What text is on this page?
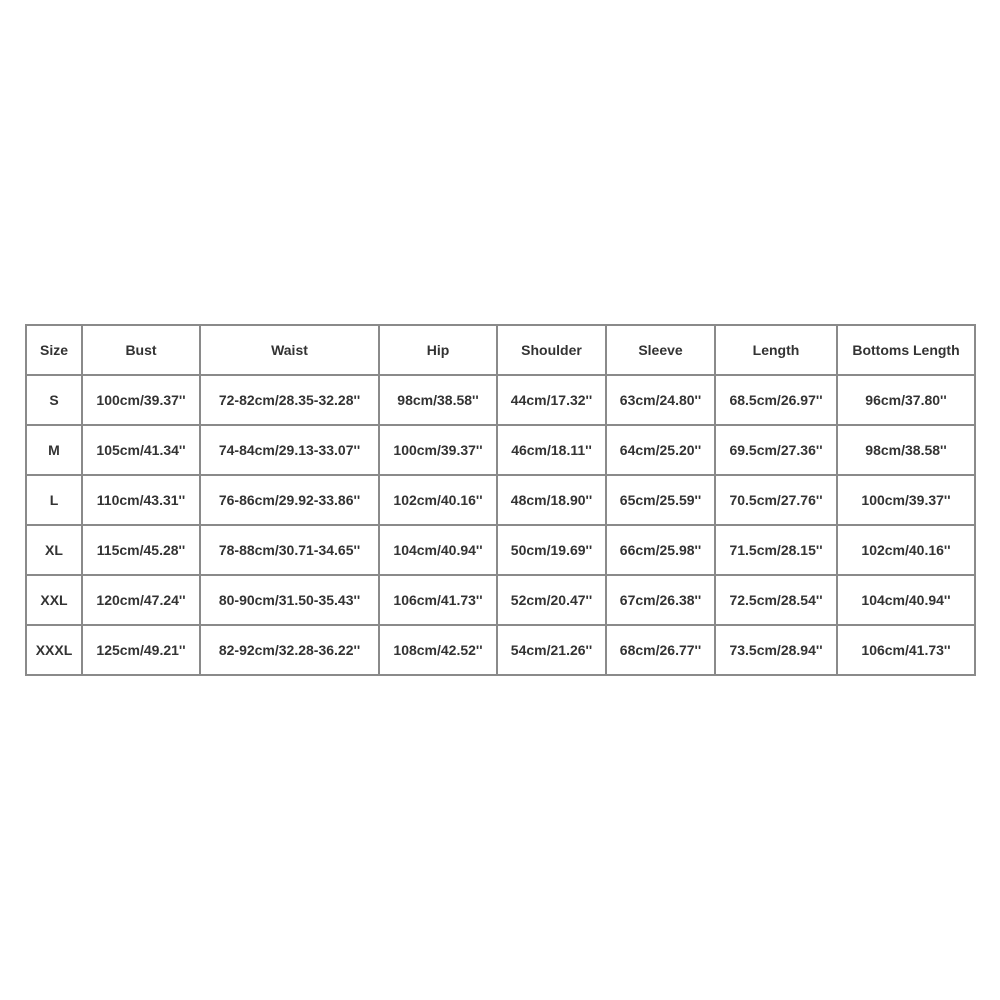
Size	Bust	Waist	Hip	Shoulder	Sleeve	Length	Bottoms Length
S	100cm/39.37''	72-82cm/28.35-32.28''	98cm/38.58''	44cm/17.32''	63cm/24.80''	68.5cm/26.97''	96cm/37.80''
M	105cm/41.34''	74-84cm/29.13-33.07''	100cm/39.37''	46cm/18.11''	64cm/25.20''	69.5cm/27.36''	98cm/38.58''
L	110cm/43.31''	76-86cm/29.92-33.86''	102cm/40.16''	48cm/18.90''	65cm/25.59''	70.5cm/27.76''	100cm/39.37''
XL	115cm/45.28''	78-88cm/30.71-34.65''	104cm/40.94''	50cm/19.69''	66cm/25.98''	71.5cm/28.15''	102cm/40.16''
XXL	120cm/47.24''	80-90cm/31.50-35.43''	106cm/41.73''	52cm/20.47''	67cm/26.38''	72.5cm/28.54''	104cm/40.94''
XXXL	125cm/49.21''	82-92cm/32.28-36.22''	108cm/42.52''	54cm/21.26''	68cm/26.77''	73.5cm/28.94''	106cm/41.73''
